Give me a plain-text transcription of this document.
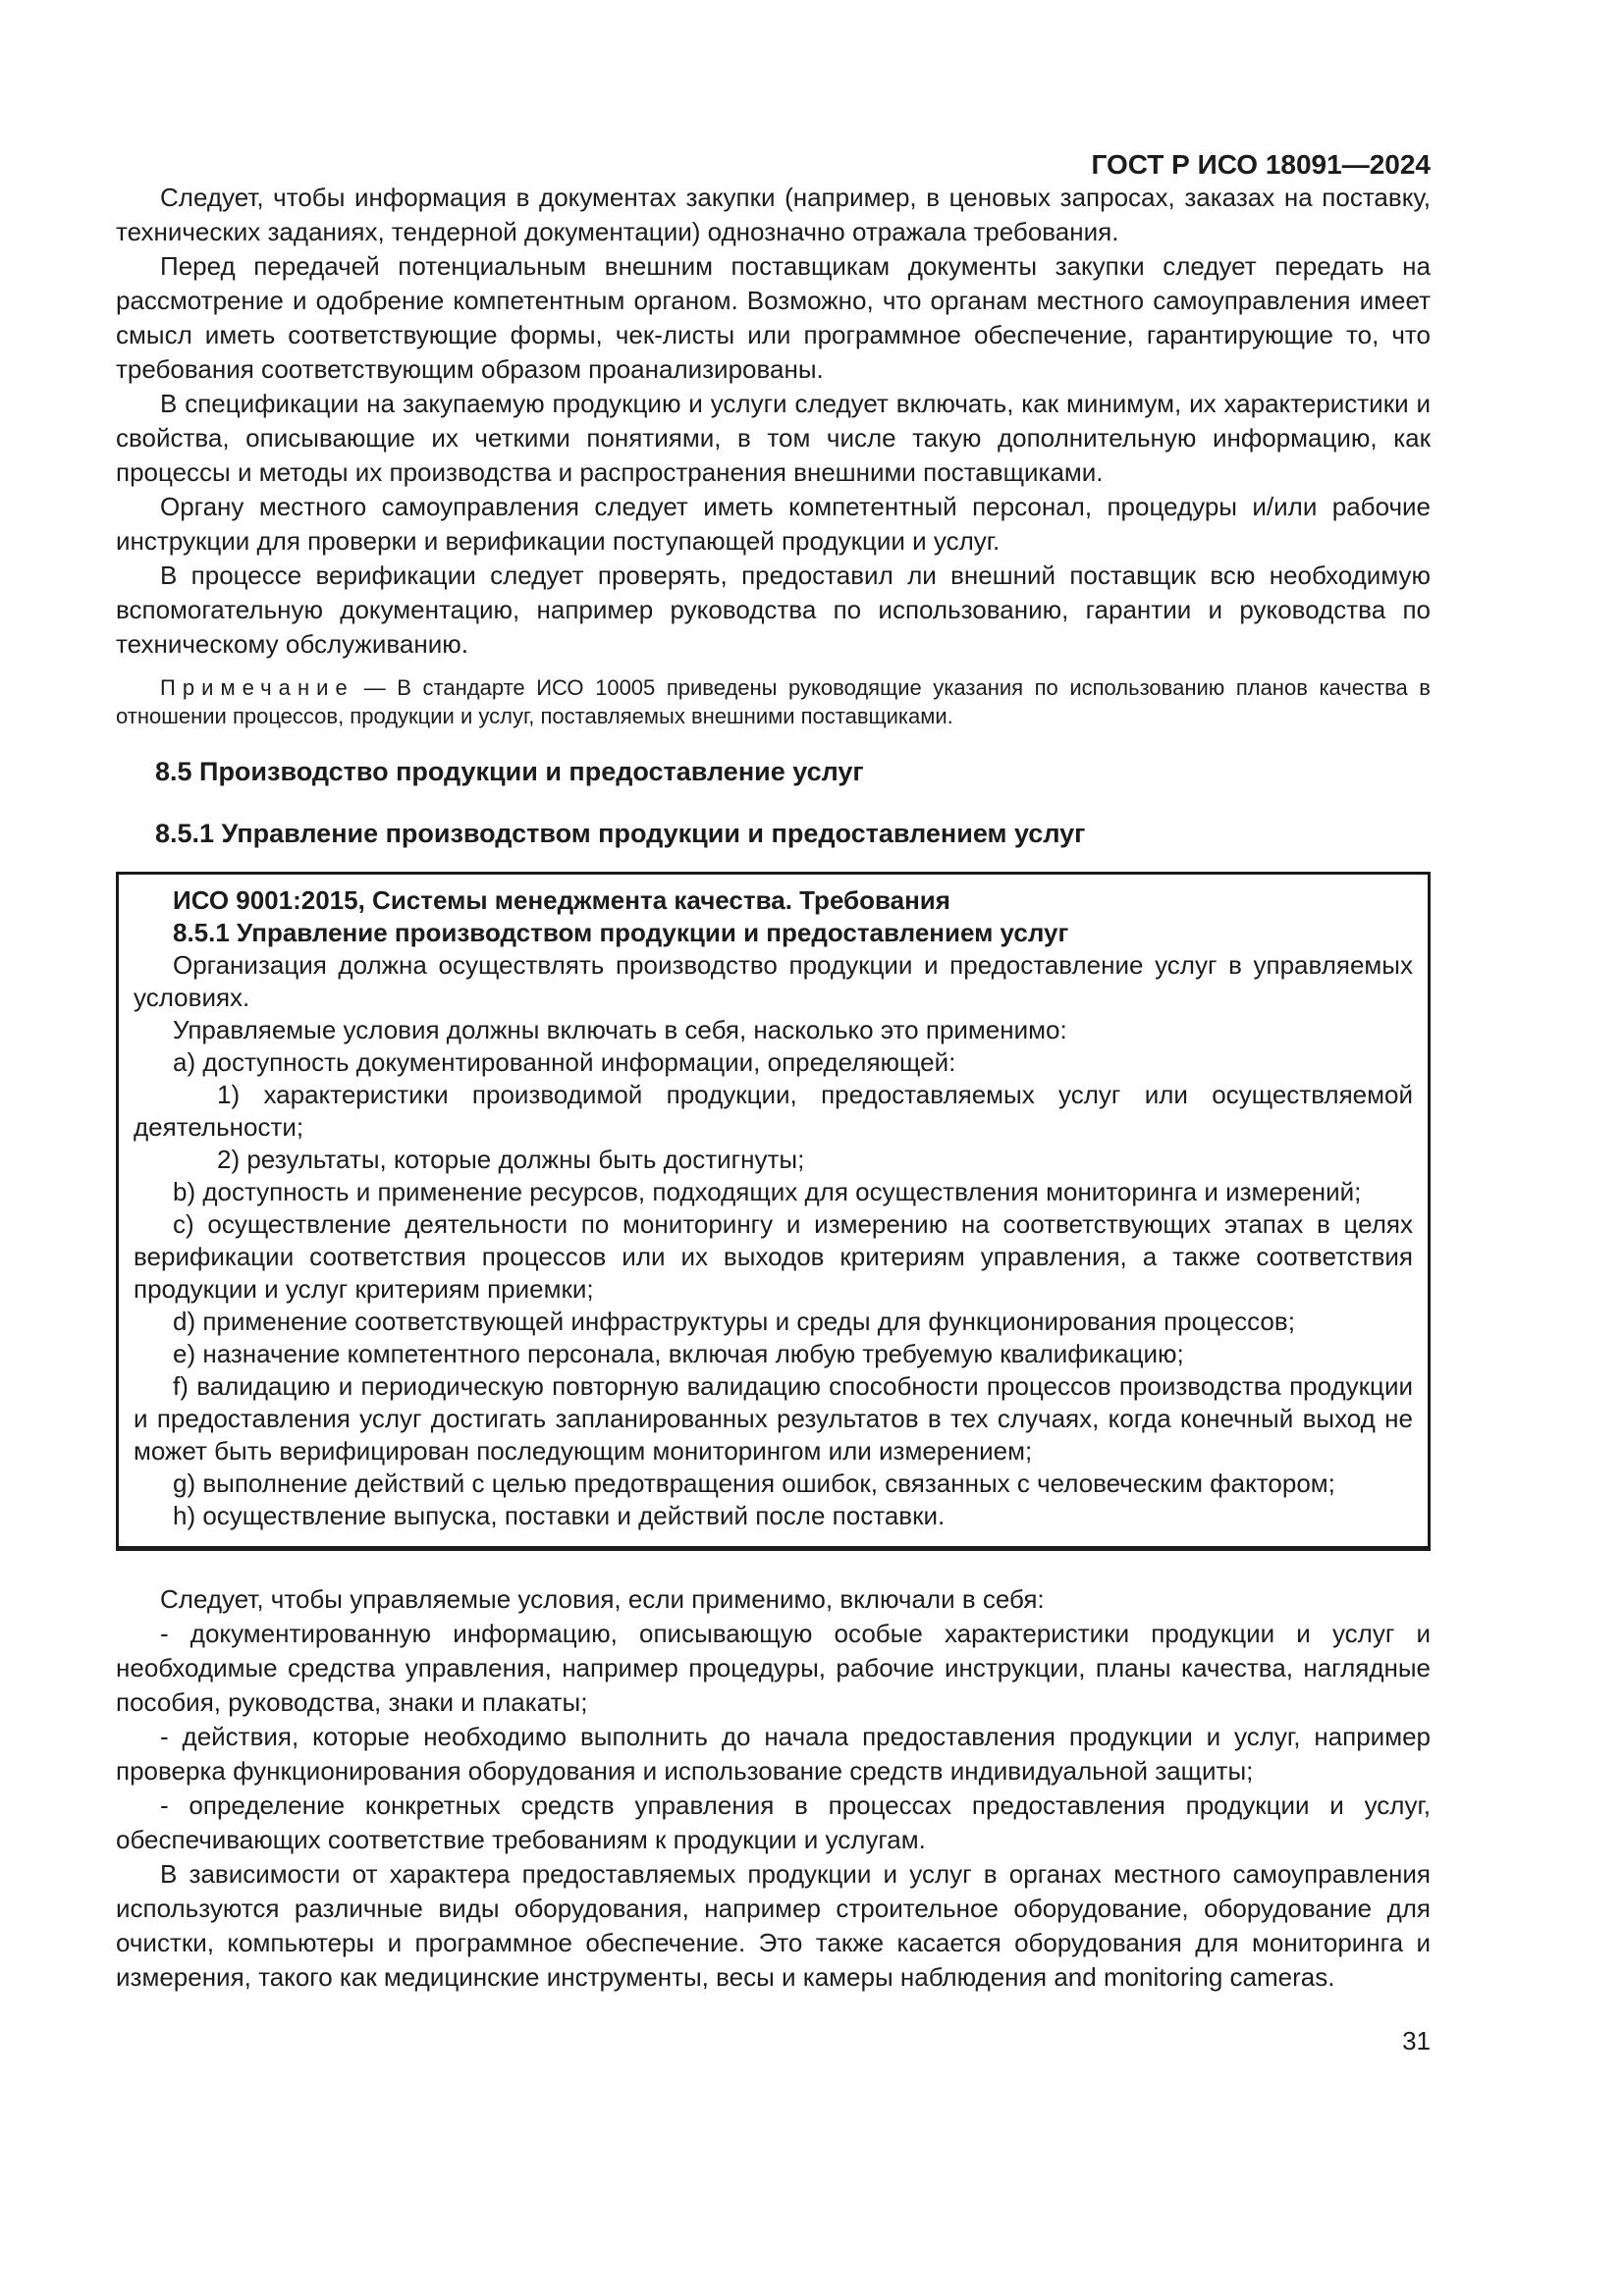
ГОСТ Р ИСО 18091—2024

Следует, чтобы информация в документах закупки (например, в ценовых запросах, заказах на поставку, технических заданиях, тендерной документации) однозначно отражала требования.

Перед передачей потенциальным внешним поставщикам документы закупки следует передать на рассмотрение и одобрение компетентным органом. Возможно, что органам местного самоуправления имеет смысл иметь соответствующие формы, чек-листы или программное обеспечение, гарантирующие то, что требования соответствующим образом проанализированы.

В спецификации на закупаемую продукцию и услуги следует включать, как минимум, их характеристики и свойства, описывающие их четкими понятиями, в том числе такую дополнительную информацию, как процессы и методы их производства и распространения внешними поставщиками.

Органу местного самоуправления следует иметь компетентный персонал, процедуры и/или рабочие инструкции для проверки и верификации поступающей продукции и услуг.

В процессе верификации следует проверять, предоставил ли внешний поставщик всю необходимую вспомогательную документацию, например руководства по использованию, гарантии и руководства по техническому обслуживанию.

Примечание — В стандарте ИСО 10005 приведены руководящие указания по использованию планов качества в отношении процессов, продукции и услуг, поставляемых внешними поставщиками.

8.5 Производство продукции и предоставление услуг
8.5.1 Управление производством продукции и предоставлением услуг

ИСО 9001:2015, Системы менеджмента качества. Требования

8.5.1 Управление производством продукции и предоставлением услуг

Организация должна осуществлять производство продукции и предоставление услуг в управляемых условиях.

Управляемые условия должны включать в себя, насколько это применимо:

a) доступность документированной информации, определяющей:

1) характеристики производимой продукции, предоставляемых услуг или осуществляемой деятельности;

2) результаты, которые должны быть достигнуты;

b) доступность и применение ресурсов, подходящих для осуществления мониторинга и измерений;

c) осуществление деятельности по мониторингу и измерению на соответствующих этапах в целях верификации соответствия процессов или их выходов критериям управления, а также соответствия продукции и услуг критериям приемки;

d) применение соответствующей инфраструктуры и среды для функционирования процессов;

e) назначение компетентного персонала, включая любую требуемую квалификацию;

f) валидацию и периодическую повторную валидацию способности процессов производства продукции и предоставления услуг достигать запланированных результатов в тех случаях, когда конечный выход не может быть верифицирован последующим мониторингом или измерением;

g) выполнение действий с целью предотвращения ошибок, связанных с человеческим фактором;

h) осуществление выпуска, поставки и действий после поставки.

Следует, чтобы управляемые условия, если применимо, включали в себя:

- документированную информацию, описывающую особые характеристики продукции и услуг и необходимые средства управления, например процедуры, рабочие инструкции, планы качества, наглядные пособия, руководства, знаки и плакаты;

- действия, которые необходимо выполнить до начала предоставления продукции и услуг, например проверка функционирования оборудования и использование средств индивидуальной защиты;

- определение конкретных средств управления в процессах предоставления продукции и услуг, обеспечивающих соответствие требованиям к продукции и услугам.

В зависимости от характера предоставляемых продукции и услуг в органах местного самоуправления используются различные виды оборудования, например строительное оборудование, оборудование для очистки, компьютеры и программное обеспечение. Это также касается оборудования для мониторинга и измерения, такого как медицинские инструменты, весы и камеры наблюдения and monitoring cameras.

31
